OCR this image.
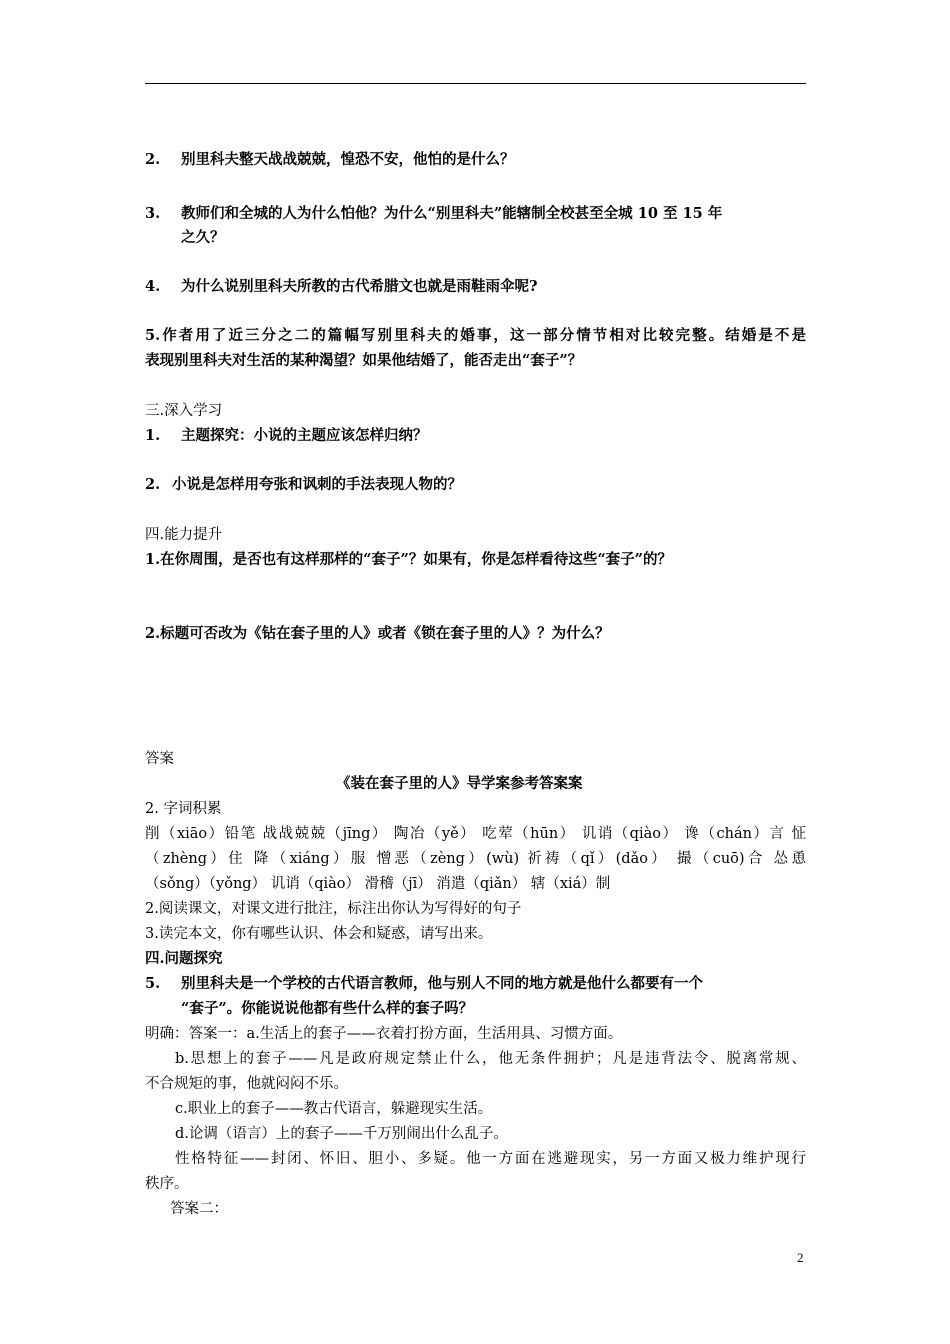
2. 别里科夫整天战战兢兢，惶恐不安，他怕的是什么？
3. 教师们和全城的人为什么怕他？为什么“别里科夫”能辖制全校甚至全城 10 至 15 年
之久？
4. 为什么说别里科夫所教的古代希腊文也就是雨鞋雨伞呢?
5.作者用了近三分之二的篇幅写别里科夫的婚事，这一部分情节相对比较完整。结婚是不是
表现别里科夫对生活的某种渴望？如果他结婚了，能否走出“套子”？
三.深入学习
1. 主题探究：小说的主题应该怎样归纳？
2. 小说是怎样用夸张和讽刺的手法表现人物的？
四.能力提升
1.在你周围，是否也有这样那样的“套子”？如果有，你是怎样看待这些“套子”的？
2.标题可否改为《钻在套子里的人》或者《锁在套子里的人》？为什么？
答案
《装在套子里的人》导学案参考答案案
2. 字词积累
削（xiāo）铅笔 战战兢兢（jīng） 陶冶（yě） 吃荤（hūn） 讥诮（qiào） 谗（chán）言 怔
（zhèng）住 降（xiáng）服 憎恶（zèng）(wù) 祈祷（qǐ）(dǎo） 撮（cuō)合 怂恿
（sǒng）（yǒng） 讥诮（qiào） 滑稽（jī） 消遣（qiǎn） 辖（xiá）制
2.阅读课文，对课文进行批注，标注出你认为写得好的句子
3.读完本文，你有哪些认识、体会和疑惑，请写出来。
四.问题探究
5. 别里科夫是一个学校的古代语言教师，他与别人不同的地方就是他什么都要有一个
“套子”。你能说说他都有些什么样的套子吗？
明确：答案一：a.生活上的套子——衣着打扮方面，生活用具、习惯方面。
b.思想上的套子——凡是政府规定禁止什么，他无条件拥护；凡是违背法令、脱离常规、
不合规矩的事，他就闷闷不乐。
c.职业上的套子——教古代语言，躲避现实生活。
d.论调（语言）上的套子——千万别闹出什么乱子。
性格特征——封闭、怀旧、胆小、多疑。他一方面在逃避现实，另一方面又极力维护现行
秩序。
答案二：
2
